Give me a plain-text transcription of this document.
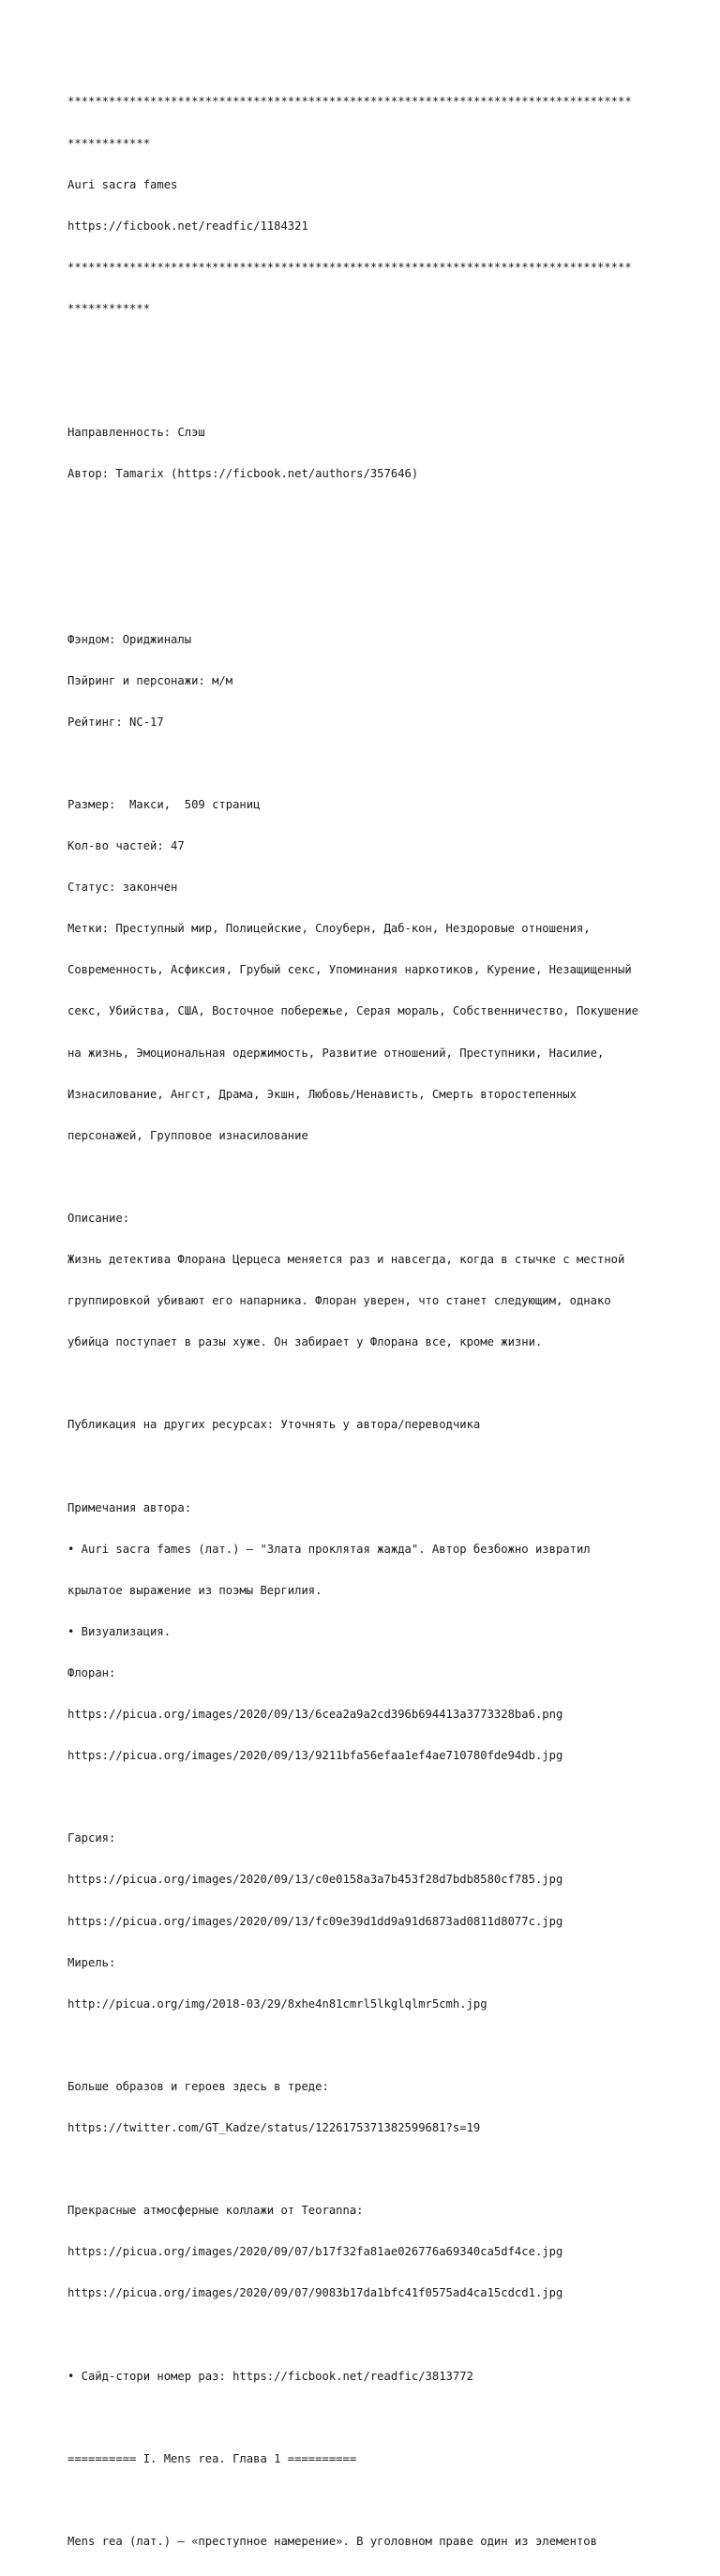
**********************************************************************************

************

Auri sacra fames

https://ficbook.net/readfic/1184321

**********************************************************************************

************

Направленность: Слэш

Автор: Tamarix (https://ficbook.net/authors/357646)

Фэндом: Ориджиналы

Пэйринг и персонажи: м/м

Рейтинг: NC-17

Размер:  Макси,  509 страниц

Кол-во частей: 47

Статус: закончен

Метки: Преступный мир, Полицейские, Слоуберн, Даб-кон, Нездоровые отношения,

Современность, Асфиксия, Грубый секс, Упоминания наркотиков, Курение, Незащищенный

секс, Убийства, США, Восточное побережье, Серая мораль, Собственничество, Покушение

на жизнь, Эмоциональная одержимость, Развитие отношений, Преступники, Насилие,

Изнасилование, Ангст, Драма, Экшн, Любовь/Ненависть, Смерть второстепенных

персонажей, Групповое изнасилование

Описание:

Жизнь детектива Флорана Церцеса меняется раз и навсегда, когда в стычке с местной

группировкой убивают его напарника. Флоран уверен, что станет следующим, однако

убийца поступает в разы хуже. Он забирает у Флорана все, кроме жизни.

Публикация на других ресурсах: Уточнять у автора/переводчика

Примечания автора:

• Auri sacra fames (лат.) — "Злата проклятая жажда". Автор безбожно извратил

крылатое выражение из поэмы Вергилия.

• Визуализация.

Флоран:

https://picua.org/images/2020/09/13/6cea2a9a2cd396b694413a3773328ba6.png

https://picua.org/images/2020/09/13/9211bfa56efaa1ef4ae710780fde94db.jpg

Гарсия:

https://picua.org/images/2020/09/13/c0e0158a3a7b453f28d7bdb8580cf785.jpg

https://picua.org/images/2020/09/13/fc09e39d1dd9a91d6873ad0811d8077c.jpg

Мирель:

http://picua.org/img/2018-03/29/8xhe4n81cmrl5lkglqlmr5cmh.jpg

Больше образов и героев здесь в треде:

https://twitter.com/GT_Kadze/status/1226175371382599681?s=19

Прекрасные атмосферные коллажи от Teoranna:

https://picua.org/images/2020/09/07/b17f32fa81ae026776a69340ca5df4ce.jpg

https://picua.org/images/2020/09/07/9083b17da1bfc41f0575ad4ca15cdcd1.jpg

• Сайд-стори номер раз: https://ficbook.net/readfic/3813772

========== I. Mens rea. Глава 1 ==========

Mens rea (лат.) – «преступное намерение». В уголовном праве один из элементов
